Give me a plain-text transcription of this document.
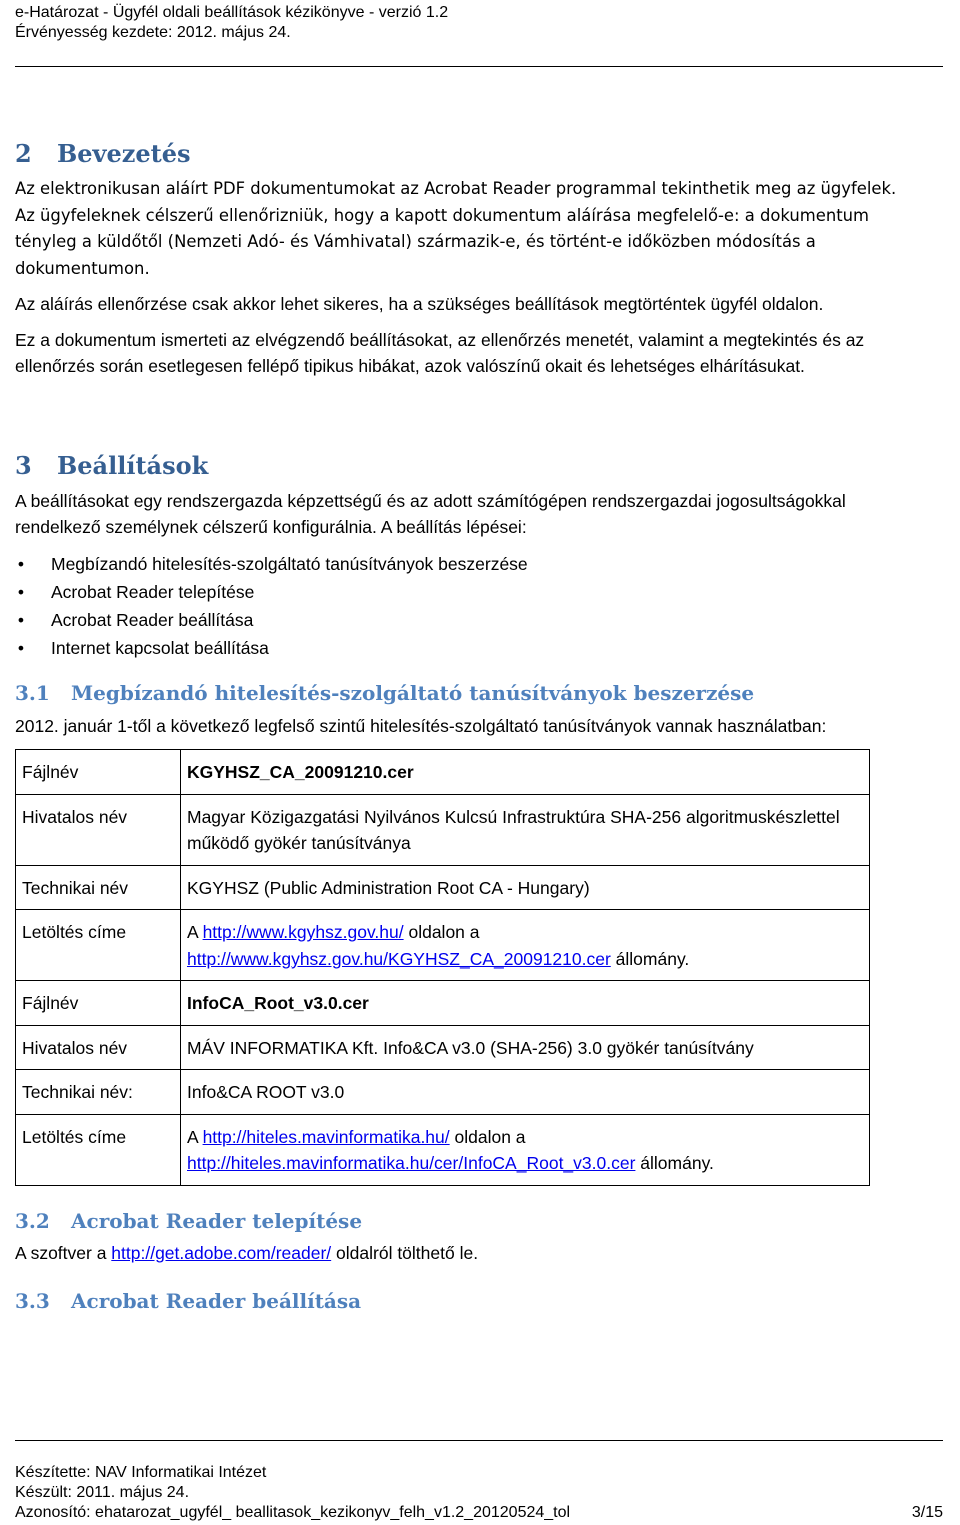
e-Határozat - Ügyfél oldali beállítások kézikönyve - verzió 1.2
Érvényesség kezdete: 2012. május 24.
2 Bevezetés

Az elektronikusan aláírt PDF dokumentumokat az Acrobat Reader programmal tekinthetik meg az ügyfelek. Az ügyfeleknek célszerű ellenőrizniük, hogy a kapott dokumentum aláírása megfelelő-e: a dokumentum tényleg a küldőtől (Nemzeti Adó- és Vámhivatal) származik-e, és történt-e időközben módosítás a dokumentumon.

Az aláírás ellenőrzése csak akkor lehet sikeres, ha a szükséges beállítások megtörténtek ügyfél oldalon.

Ez a dokumentum ismerteti az elvégzendő beállításokat, az ellenőrzés menetét, valamint a megtekintés és az ellenőrzés során esetlegesen fellépő tipikus hibákat, azok valószínű okait és lehetséges elhárításukat.

3 Beállítások

A beállításokat egy rendszergazda képzettségű és az adott számítógépen rendszergazdai jogosultságokkal rendelkező személynek célszerű konfigurálnia. A beállítás lépései:

• Megbízandó hitelesítés-szolgáltató tanúsítványok beszerzése
• Acrobat Reader telepítése
• Acrobat Reader beállítása
• Internet kapcsolat beállítása
3.1 Megbízandó hitelesítés-szolgáltató tanúsítványok beszerzése

2012. január 1-től a következő legfelső szintű hitelesítés-szolgáltató tanúsítványok vannak használatban:

Fájlnév	KGYHSZ_CA_20091210.cer
Hivatalos név	Magyar Közigazgatási Nyilvános Kulcsú Infrastruktúra SHA-256 algoritmuskészlettel működő gyökér tanúsítványa
Technikai név	KGYHSZ (Public Administration Root CA - Hungary)
Letöltés címe	A http://www.kgyhsz.gov.hu/ oldalon a http://www.kgyhsz.gov.hu/KGYHSZ_CA_20091210.cer állomány.
Fájlnév	InfoCA_Root_v3.0.cer
Hivatalos név	MÁV INFORMATIKA Kft. Info&CA v3.0 (SHA-256) 3.0 gyökér tanúsítvány
Technikai név:	Info&CA ROOT v3.0
Letöltés címe	A http://hiteles.mavinformatika.hu/ oldalon a http://hiteles.mavinformatika.hu/cer/InfoCA_Root_v3.0.cer állomány.
3.2 Acrobat Reader telepítése

A szoftver a http://get.adobe.com/reader/ oldalról tölthető le.

3.3 Acrobat Reader beállítása
Készítette: NAV Informatikai Intézet
Készült: 2011. május 24.
Azonosító: ehatarozat_ugyfél_ beallitasok_kezikonyv_felh_v1.2_20120524_tol	3/15
